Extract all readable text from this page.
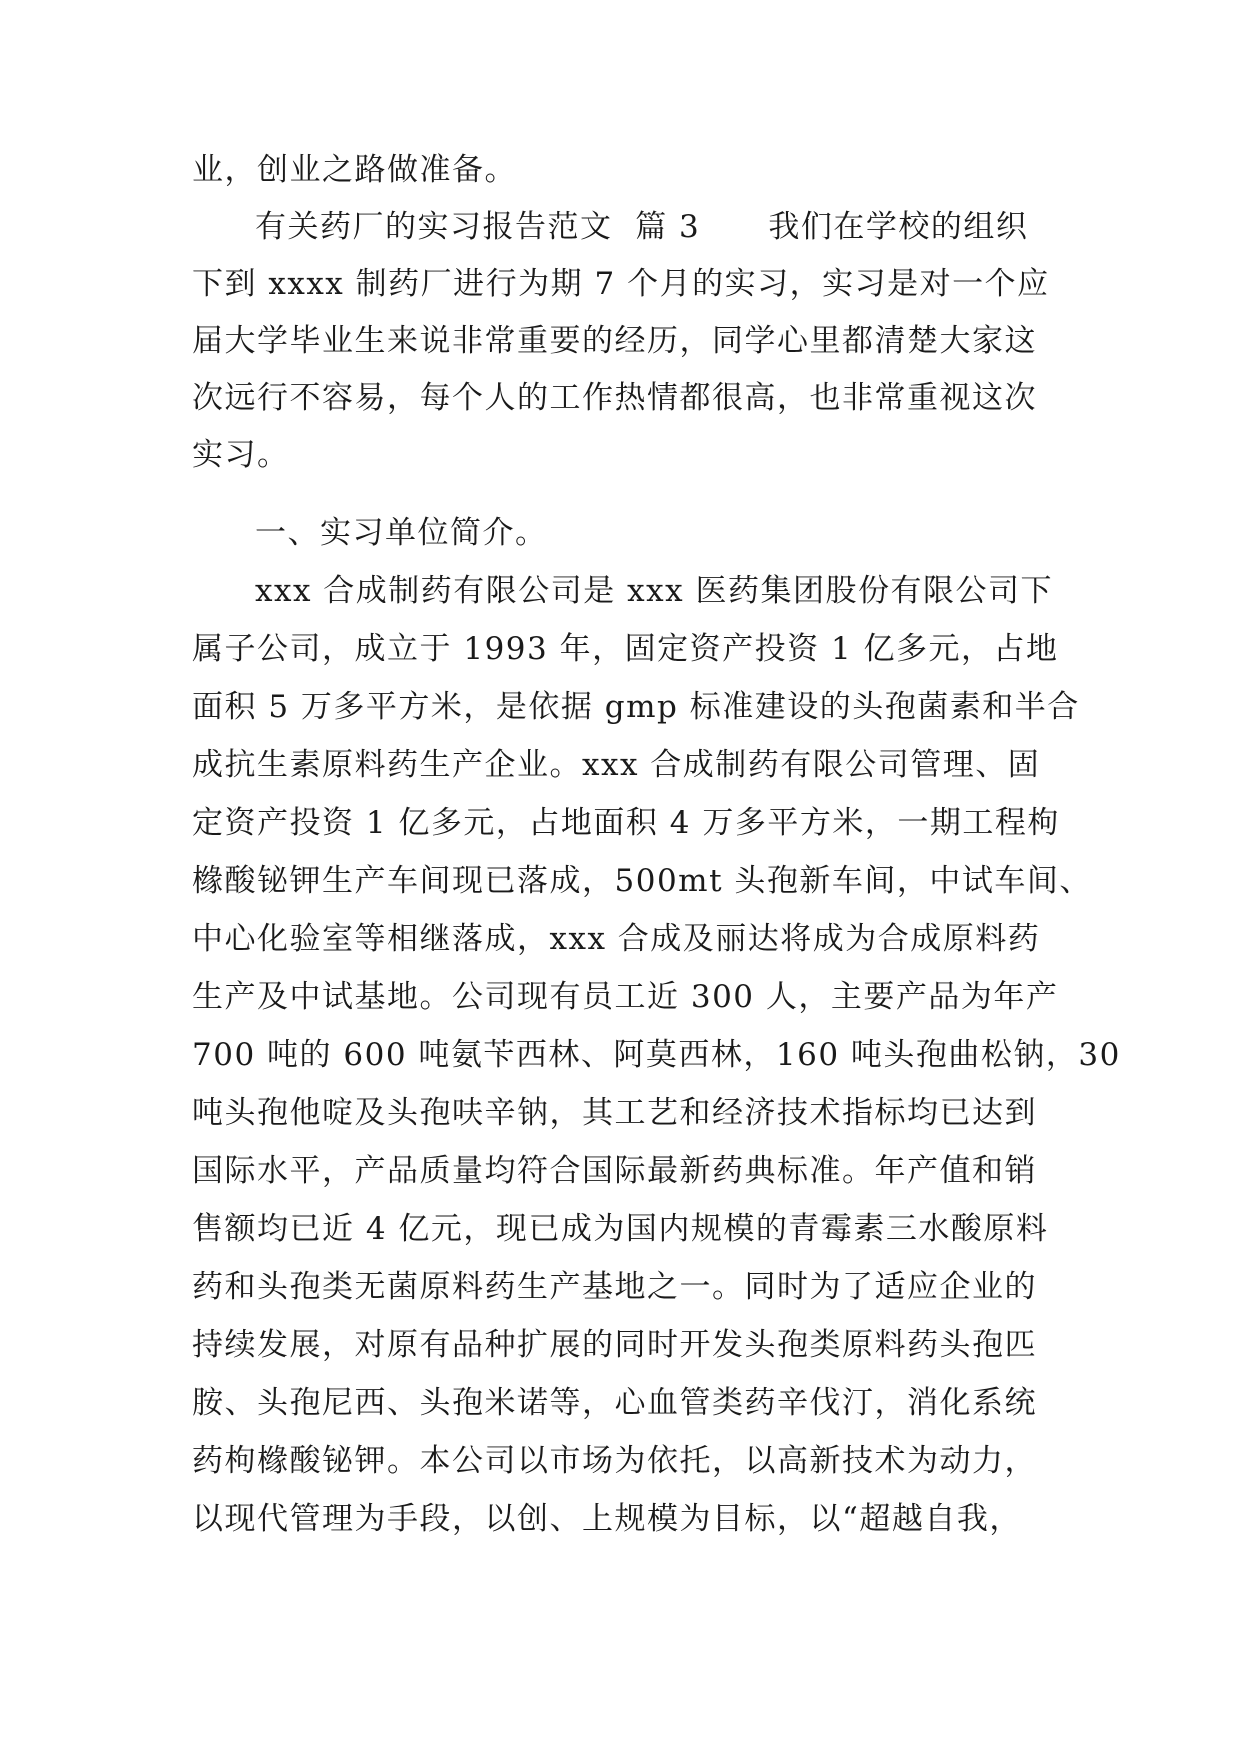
业，创业之路做准备。
有关药厂的实习报告范文  篇 3      我们在学校的组织
下到 xxxx 制药厂进行为期 7 个月的实习，实习是对一个应
届大学毕业生来说非常重要的经历，同学心里都清楚大家这
次远行不容易，每个人的工作热情都很高，也非常重视这次
实习。
一、实习单位简介。
xxx 合成制药有限公司是 xxx 医药集团股份有限公司下
属子公司，成立于 1993 年，固定资产投资 1 亿多元，占地
面积 5 万多平方米，是依据 gmp 标准建设的头孢菌素和半合
成抗生素原料药生产企业。xxx 合成制药有限公司管理、固
定资产投资 1 亿多元，占地面积 4 万多平方米，一期工程枸
橼酸铋钾生产车间现已落成，500mt 头孢新车间，中试车间、
中心化验室等相继落成，xxx 合成及丽达将成为合成原料药
生产及中试基地。公司现有员工近 300 人，主要产品为年产
700 吨的 600 吨氨苄西林、阿莫西林，160 吨头孢曲松钠，30
吨头孢他啶及头孢呋辛钠，其工艺和经济技术指标均已达到
国际水平，产品质量均符合国际最新药典标准。年产值和销
售额均已近 4 亿元，现已成为国内规模的青霉素三水酸原料
药和头孢类无菌原料药生产基地之一。同时为了适应企业的
持续发展，对原有品种扩展的同时开发头孢类原料药头孢匹
胺、头孢尼西、头孢米诺等，心血管类药辛伐汀，消化系统
药枸橼酸铋钾。本公司以市场为依托，以高新技术为动力，
以现代管理为手段，以创、上规模为目标，以“超越自我，
